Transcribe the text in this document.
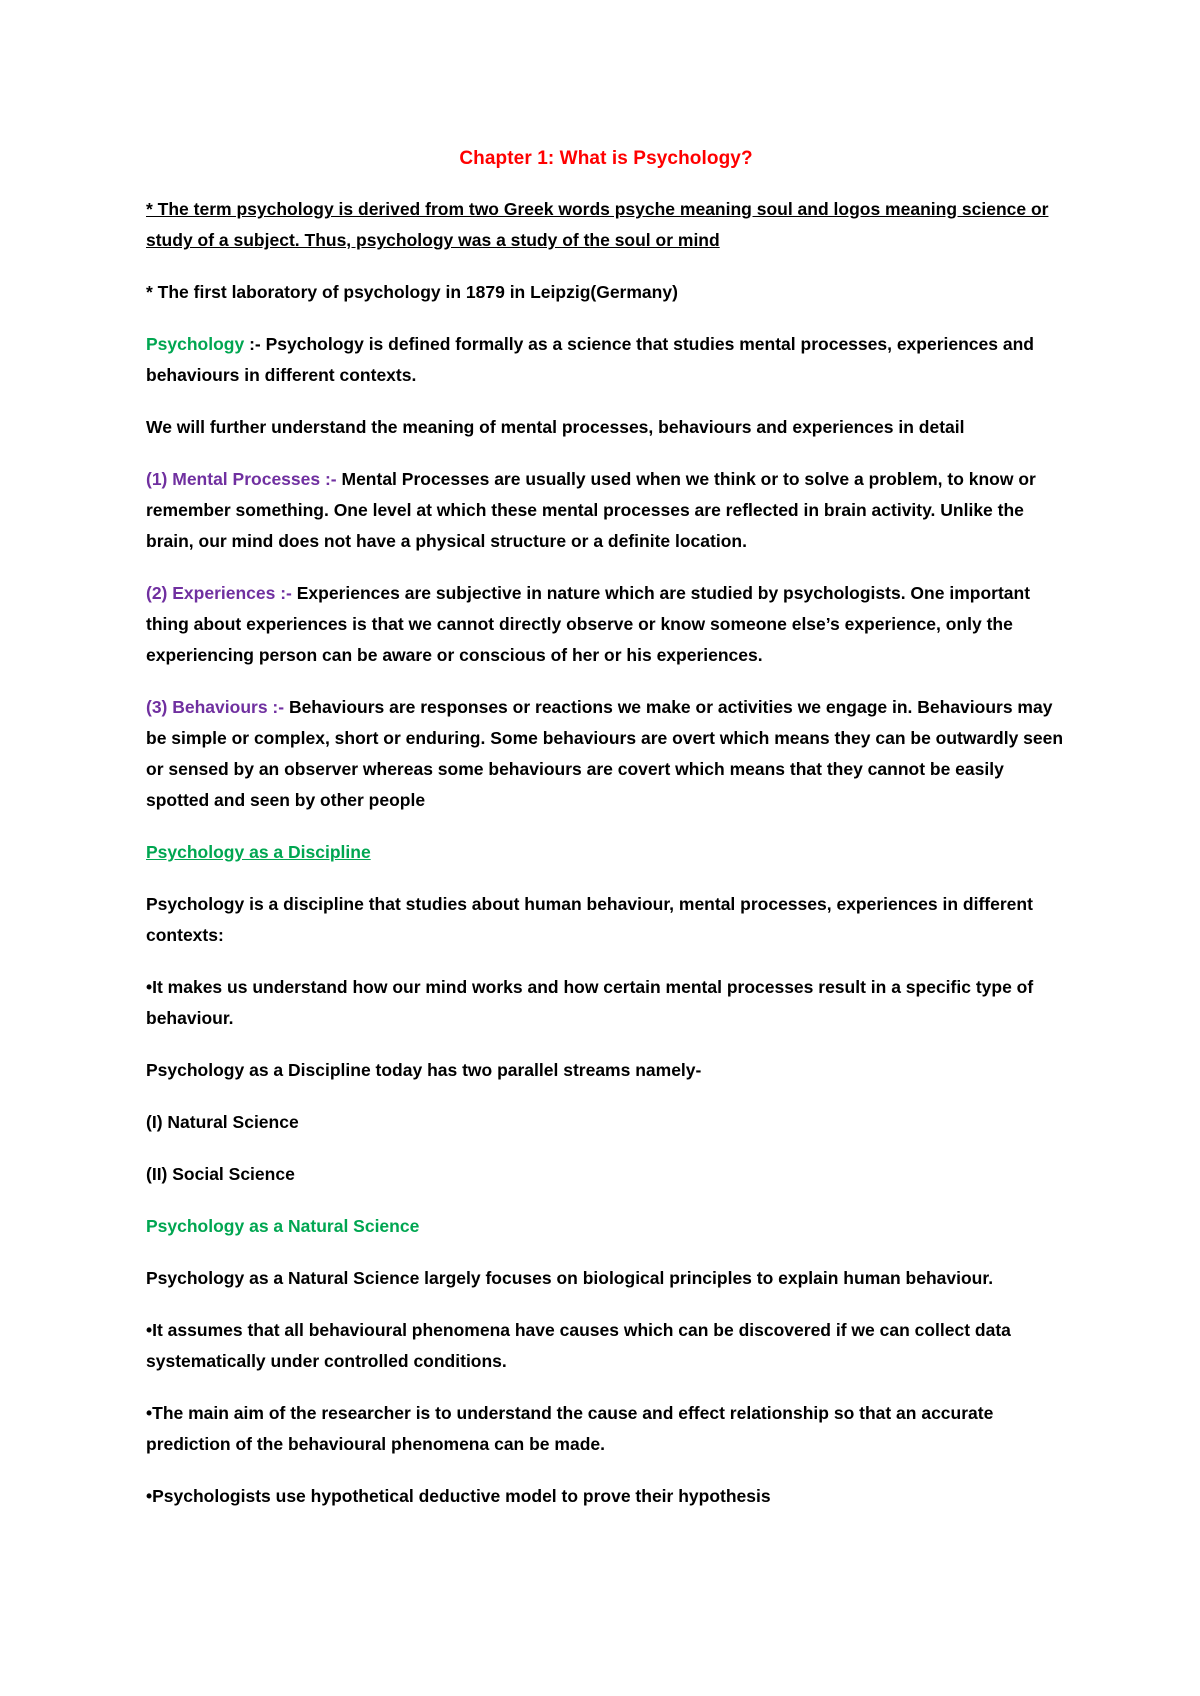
Chapter 1: What is Psychology?

* The term psychology is derived from two Greek words psyche meaning soul and logos meaning science or study of a subject. Thus, psychology was a study of the soul or mind

* The first laboratory of psychology in 1879 in Leipzig(Germany)

Psychology :- Psychology is defined formally as a science that studies mental processes, experiences and behaviours in different contexts.

We will further understand the meaning of mental processes, behaviours and experiences in detail

(1) Mental Processes :- Mental Processes are usually used when we think or to solve a problem, to know or remember something. One level at which these mental processes are reflected in brain activity. Unlike the brain, our mind does not have a physical structure or a definite location.

(2) Experiences :- Experiences are subjective in nature which are studied by psychologists. One important thing about experiences is that we cannot directly observe or know someone else’s experience, only the experiencing person can be aware or conscious of her or his experiences.

(3) Behaviours :- Behaviours are responses or reactions we make or activities we engage in. Behaviours may be simple or complex, short or enduring. Some behaviours are overt which means they can be outwardly seen or sensed by an observer whereas some behaviours are covert which means that they cannot be easily spotted and seen by other people

Psychology as a Discipline

Psychology is a discipline that studies about human behaviour, mental processes, experiences in different contexts:

•It makes us understand how our mind works and how certain mental processes result in a specific type of behaviour.

Psychology as a Discipline today has two parallel streams namely-

(I) Natural Science

(II) Social Science

Psychology as a Natural Science

Psychology as a Natural Science largely focuses on biological principles to explain human behaviour.

•It assumes that all behavioural phenomena have causes which can be discovered if we can collect data systematically under controlled conditions.

•The main aim of the researcher is to understand the cause and effect relationship so that an accurate prediction of the behavioural phenomena can be made.

•Psychologists use hypothetical deductive model to prove their hypothesis
